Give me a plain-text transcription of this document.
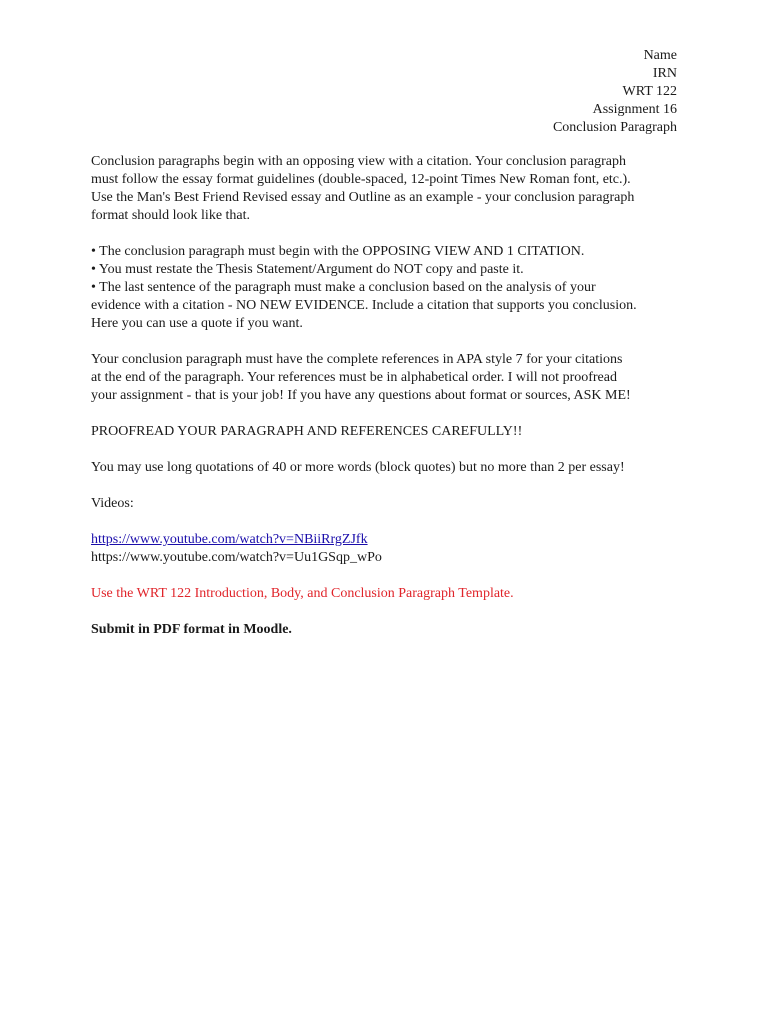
Name
IRN
WRT 122
Assignment 16
Conclusion Paragraph

Conclusion paragraphs begin with an opposing view with a citation. Your conclusion paragraph
must follow the essay format guidelines (double-spaced, 12-point Times New Roman font, etc.).
Use the Man's Best Friend Revised essay and Outline as an example - your conclusion paragraph
format should look like that.

• The conclusion paragraph must begin with the OPPOSING VIEW AND 1 CITATION.
• You must restate the Thesis Statement/Argument do NOT copy and paste it.
• The last sentence of the paragraph must make a conclusion based on the analysis of your
evidence with a citation - NO NEW EVIDENCE. Include a citation that supports you conclusion.
Here you can use a quote if you want.

Your conclusion paragraph must have the complete references in APA style 7 for your citations
at the end of the paragraph. Your references must be in alphabetical order. I will not proofread
your assignment - that is your job! If you have any questions about format or sources, ASK ME!

PROOFREAD YOUR PARAGRAPH AND REFERENCES CAREFULLY!!

You may use long quotations of 40 or more words (block quotes) but no more than 2 per essay!

Videos:

https://www.youtube.com/watch?v=NBiiRrgZJfk
https://www.youtube.com/watch?v=Uu1GSqp_wPo

Use the WRT 122 Introduction, Body, and Conclusion Paragraph Template.

Submit in PDF format in Moodle.
